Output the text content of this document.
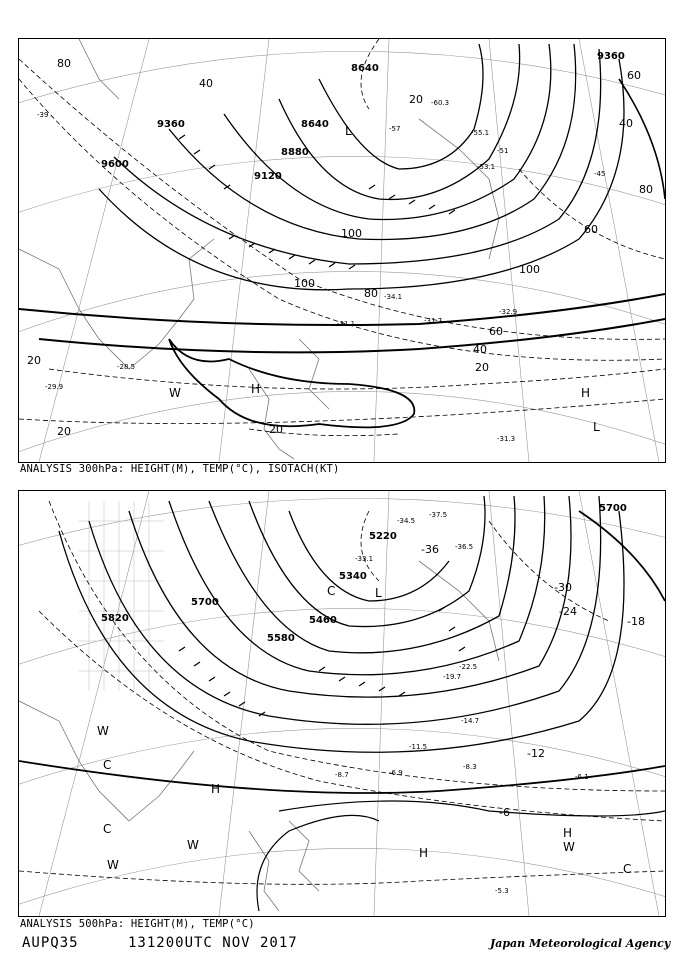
9600
9360
9120
8880
8640
8640
9360
100
100
100
80
80
80
60
60
60
40
40
40
20
20
20
20
20
-39
-45
-51
-57
-60.3
-29.9
-28.5
-31.1	-31.7
-34.1
-32.9
-31.3
-53.1
-55.1
H	H
L
L
W
ANALYSIS 300hPa: HEIGHT(M), TEMP(°C), ISOTACH(KT)
5700
5700
5580
5460
5220
5820
5340
-36
-30
-24
-18
-12
-6
-33.1
-37.5
-34.5
-36.5
-19.7
-22.5
-14.7
-11.5
-8.3
-6.1
-5.3
-6.9
-8.7
H
H
H
L
C
C
C
C
W
W
W	W
ANALYSIS 500hPa: HEIGHT(M), TEMP(°C)
AUPQ35	131200UTC NOV 2017	Japan Meteorological Agency
